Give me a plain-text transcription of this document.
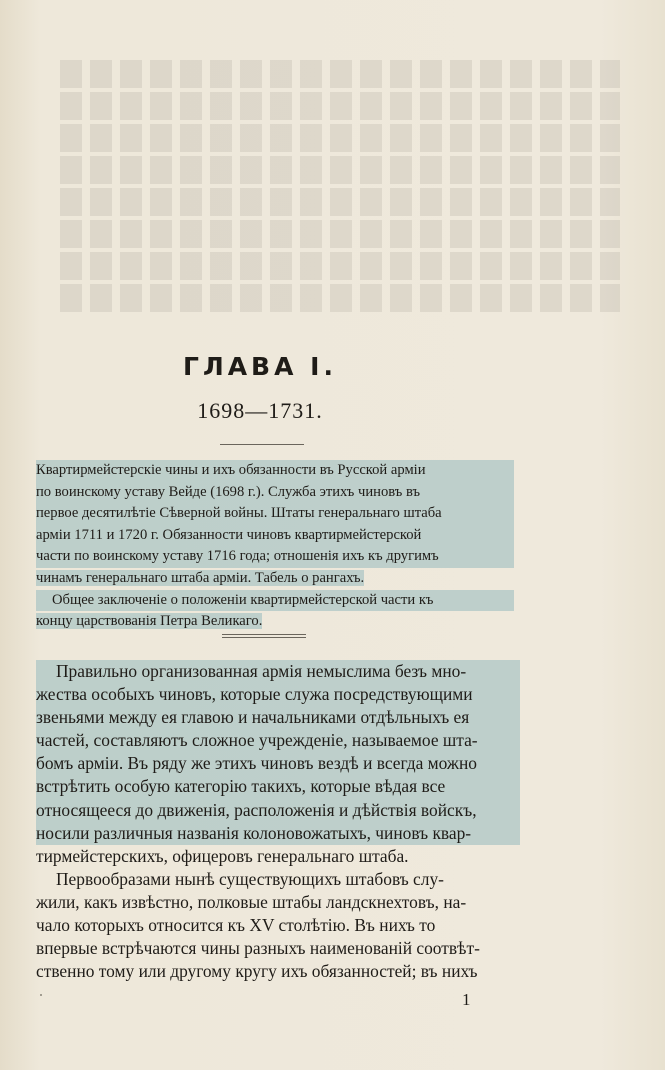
ГЛАВА I.
1698—1731.
Квартирмейстерскіе чины и ихъ обязанности въ Русской арміи
по воинскому уставу Вейде (1698 г.). Служба этихъ чиновъ въ
первое десятилѣтіе Сѣверной войны. Штаты генеральнаго штаба
арміи 1711 и 1720 г. Обязанности чиновъ квартирмейстерской
части по воинскому уставу 1716 года; отношенія ихъ къ другимъ
чинамъ генеральнаго штаба арміи. Табель о рангахъ.
Общее заключеніе о положеніи квартирмейстерской части къ
концу царствованія Петра Великаго.
Правильно организованная армія немыслима безъ мно-
жества особыхъ чиновъ, которые служа посредствующими
звеньями между ея главою и начальниками отдѣльныхъ ея
частей, составляютъ сложное учрежденіе, называемое шта-
бомъ арміи. Въ ряду же этихъ чиновъ вездѣ и всегда можно
встрѣтить особую категорію такихъ, которые вѣдая все
относящееся до движенія, расположенія и дѣйствія войскъ,
носили различныя названія колоновожатыхъ, чиновъ квар-
тирмейстерскихъ, офицеровъ генеральнаго штаба.
Первообразами нынѣ существующихъ штабовъ слу-
жили, какъ извѣстно, полковые штабы ландскнехтовъ, на-
чало которыхъ относится къ XV столѣтію. Въ нихъ то
впервые встрѣчаются чины разныхъ наименованій соотвѣт-
ственно тому или другому кругу ихъ обязанностей; въ нихъ
1
